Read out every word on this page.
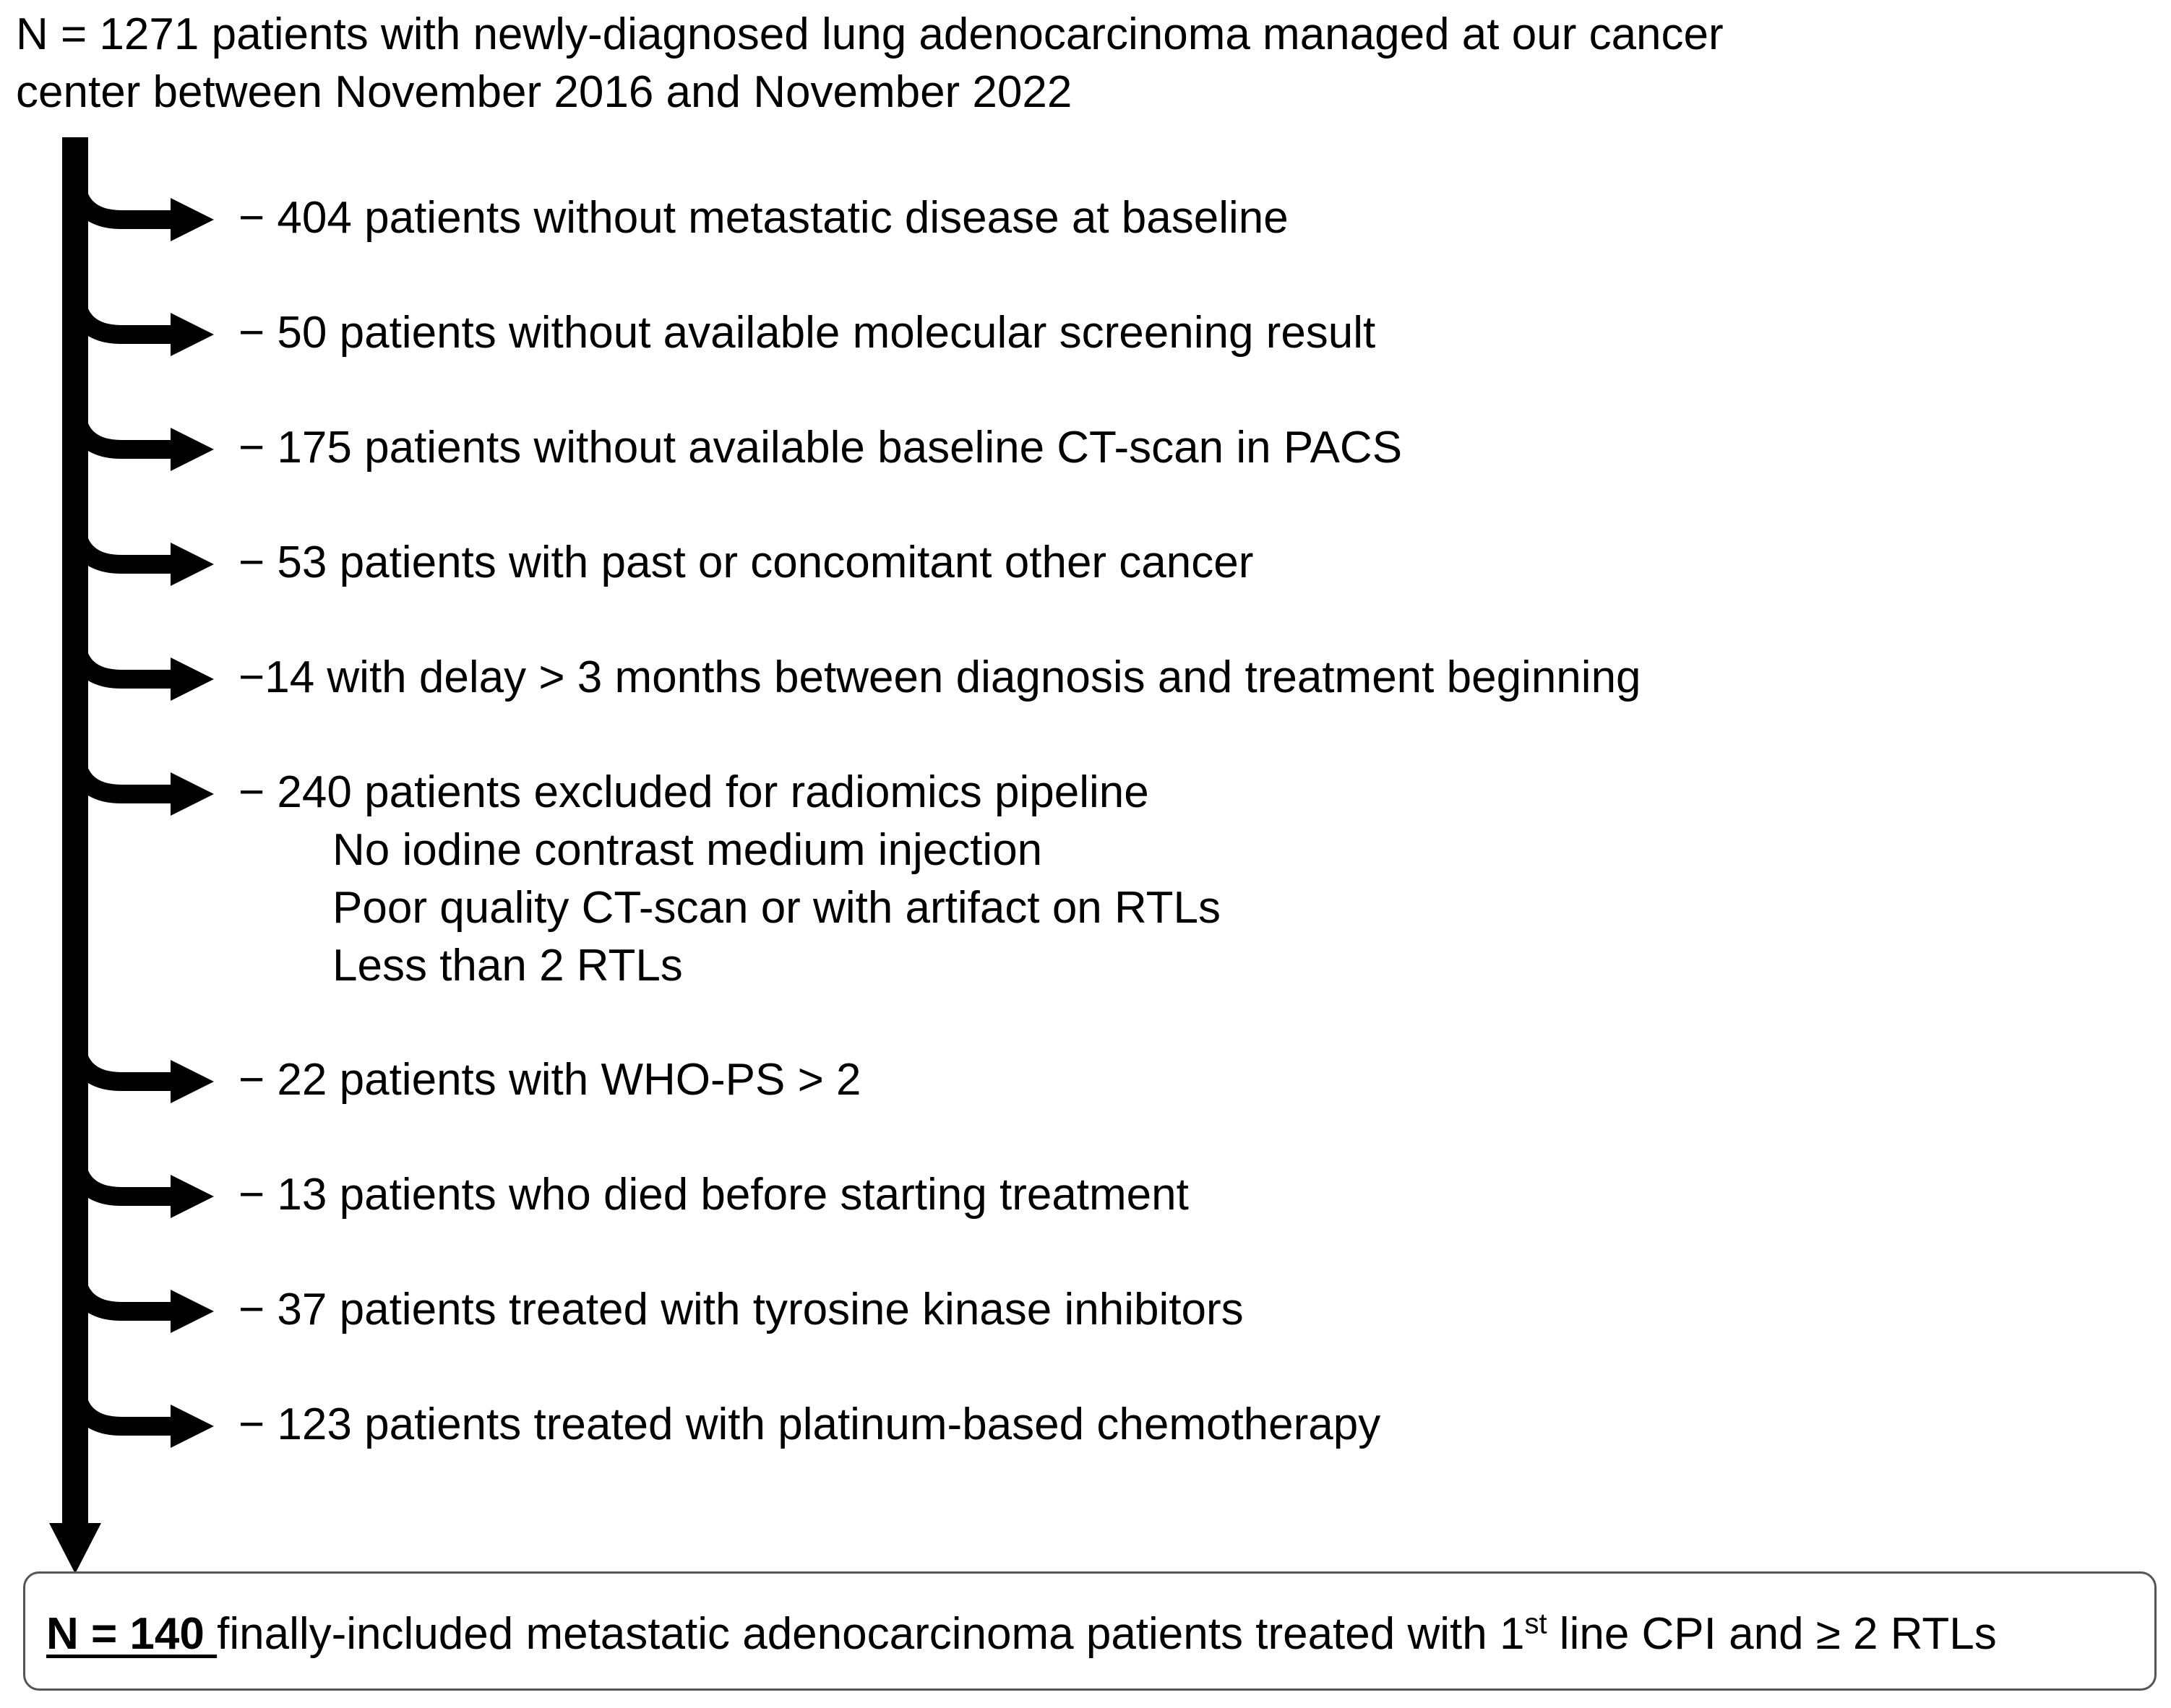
N = 1271 patients with newly-diagnosed lung adenocarcinoma managed at our cancer
center between November 2016 and November 2022
− 404 patients without metastatic disease at baseline
− 50 patients without available molecular screening result
− 175 patients without available baseline CT-scan in PACS
− 53 patients with past or concomitant other cancer
−14 with delay > 3 months between diagnosis and treatment beginning
− 240 patients excluded for radiomics pipeline
No iodine contrast medium injection
Poor quality CT-scan or with artifact on RTLs
Less than 2 RTLs
− 22 patients with WHO-PS > 2
− 13 patients who died before starting treatment
− 37 patients treated with tyrosine kinase inhibitors
− 123 patients treated with platinum-based chemotherapy
N = 140 finally-included metastatic adenocarcinoma patients treated with 1st line CPI and ≥ 2 RTLs
